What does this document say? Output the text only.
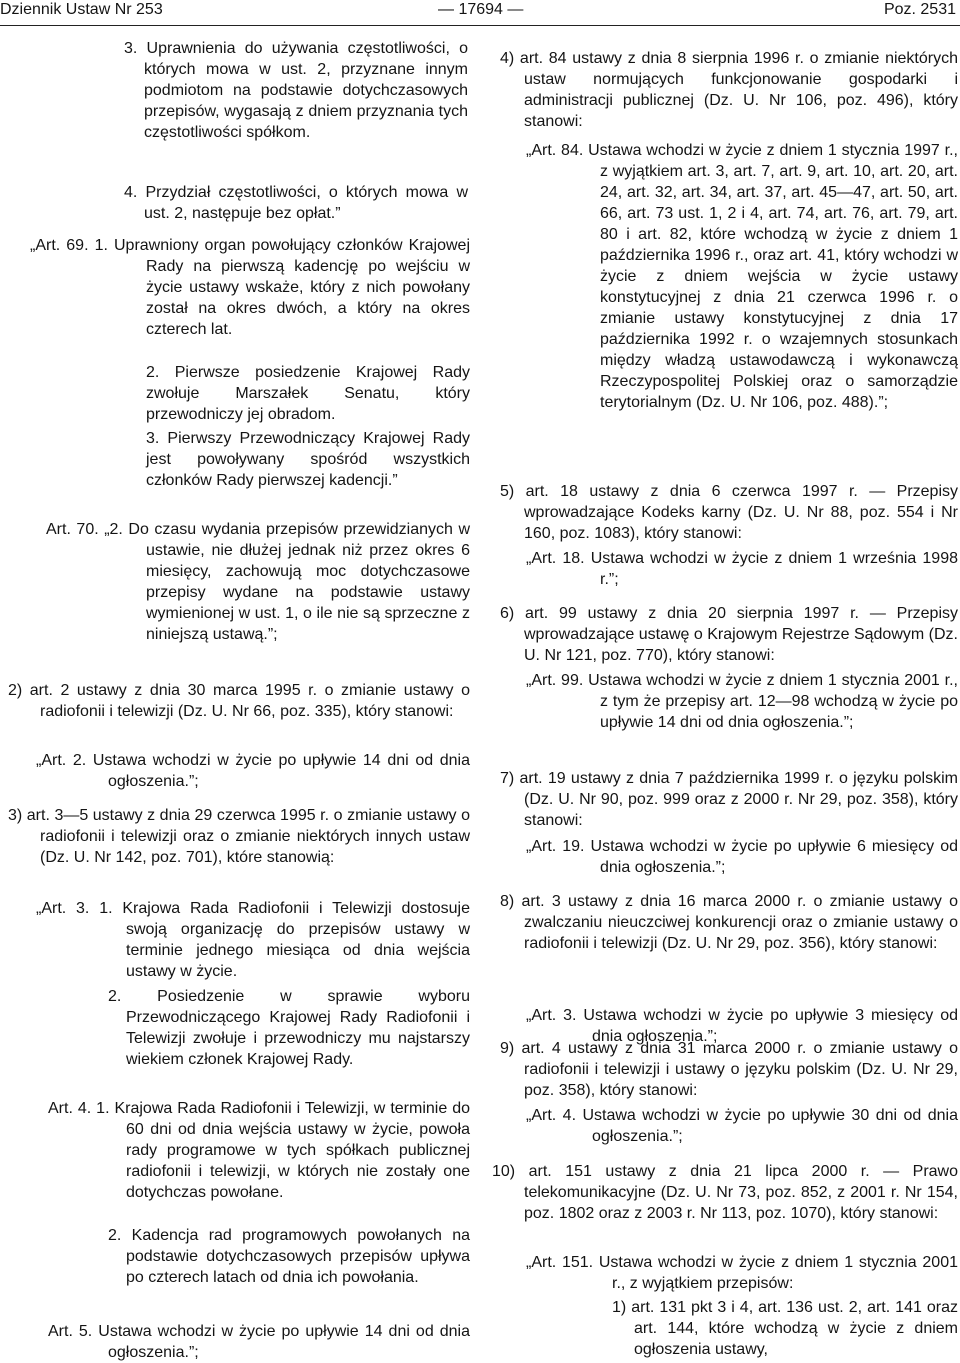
Dziennik Ustaw Nr 253	— 17694 —	Poz. 2531

3. Uprawnienia do używania częstotliwości, o których mowa w ust. 2, przyznane innym podmiotom na podstawie dotychczasowych przepisów, wygasają z dniem przyznania tych częstotliwości spółkom.

4. Przydział częstotliwości, o których mowa w ust. 2, następuje bez opłat.”

„Art. 69. 1. Uprawniony organ powołujący członków Krajowej Rady na pierwszą kadencję po wejściu w życie ustawy wskaże, który z nich powołany został na okres dwóch, a który na okres czterech lat.

2. Pierwsze posiedzenie Krajowej Rady zwołuje Marszałek Senatu, który przewodniczy jej obradom.

3. Pierwszy Przewodniczący Krajowej Rady jest powoływany spośród wszystkich członków Rady pierwszej kadencji.”

Art. 70. „2. Do czasu wydania przepisów przewidzianych w ustawie, nie dłużej jednak niż przez okres 6 miesięcy, zachowują moc dotychczasowe przepisy wydane na podstawie ustawy wymienionej w ust. 1, o ile nie są sprzeczne z niniejszą ustawą.”;

2) art. 2 ustawy z dnia 30 marca 1995 r. o zmianie ustawy o radiofonii i telewizji (Dz. U. Nr 66, poz. 335), który stanowi:

„Art. 2. Ustawa wchodzi w życie po upływie 14 dni od dnia ogłoszenia.”;

3) art. 3—5 ustawy z dnia 29 czerwca 1995 r. o zmianie ustawy o radiofonii i telewizji oraz o zmianie niektórych innych ustaw (Dz. U. Nr 142, poz. 701), które stanowią:

„Art. 3. 1. Krajowa Rada Radiofonii i Telewizji dostosuje swoją organizację do przepisów ustawy w terminie jednego miesiąca od dnia wejścia ustawy w życie.

2. Posiedzenie w sprawie wyboru Przewodniczącego Krajowej Rady Radiofonii i Telewizji zwołuje i przewodniczy mu najstarszy wiekiem członek Krajowej Rady.

Art. 4. 1. Krajowa Rada Radiofonii i Telewizji, w terminie do 60 dni od dnia wejścia ustawy w życie, powoła rady programowe w tych spółkach publicznej radiofonii i telewizji, w których nie zostały one dotychczas powołane.

2. Kadencja rad programowych powołanych na podstawie dotychczasowych przepisów upływa po czterech latach od dnia ich powołania.

Art. 5. Ustawa wchodzi w życie po upływie 14 dni od dnia ogłoszenia.”;

4) art. 84 ustawy z dnia 8 sierpnia 1996 r. o zmianie niektórych ustaw normujących funkcjonowanie gospodarki i administracji publicznej (Dz. U. Nr 106, poz. 496), który stanowi:

„Art. 84. Ustawa wchodzi w życie z dniem 1 stycznia 1997 r., z wyjątkiem art. 3, art. 7, art. 9, art. 10, art. 20, art. 24, art. 32, art. 34, art. 37, art. 45—47, art. 50, art. 66, art. 73 ust. 1, 2 i 4, art. 74, art. 76, art. 79, art. 80 i art. 82, które wchodzą w życie z dniem 1 października 1996 r., oraz art. 41, który wchodzi w życie z dniem wejścia w życie ustawy konstytucyjnej z dnia 21 czerwca 1996 r. o zmianie ustawy konstytucyjnej z dnia 17 października 1992 r. o wzajemnych stosunkach między władzą ustawodawczą i wykonawczą Rzeczypospolitej Polskiej oraz o samorządzie terytorialnym (Dz. U. Nr 106, poz. 488).”;

5) art. 18 ustawy z dnia 6 czerwca 1997 r. — Przepisy wprowadzające Kodeks karny (Dz. U. Nr 88, poz. 554 i Nr 160, poz. 1083), który stanowi:

„Art. 18. Ustawa wchodzi w życie z dniem 1 września 1998 r.”;

6) art. 99 ustawy z dnia 20 sierpnia 1997 r. — Przepisy wprowadzające ustawę o Krajowym Rejestrze Sądowym (Dz. U. Nr 121, poz. 770), który stanowi:

„Art. 99. Ustawa wchodzi w życie z dniem 1 stycznia 2001 r., z tym że przepisy art. 12—98 wchodzą w życie po upływie 14 dni od dnia ogłoszenia.”;

7) art. 19 ustawy z dnia 7 października 1999 r. o języku polskim (Dz. U. Nr 90, poz. 999 oraz z 2000 r. Nr 29, poz. 358), który stanowi:

„Art. 19. Ustawa wchodzi w życie po upływie 6 miesięcy od dnia ogłoszenia.”;

8) art. 3 ustawy z dnia 16 marca 2000 r. o zmianie ustawy o zwalczaniu nieuczciwej konkurencji oraz o zmianie ustawy o radiofonii i telewizji (Dz. U. Nr 29, poz. 356), który stanowi:

„Art. 3. Ustawa wchodzi w życie po upływie 3 miesięcy od dnia ogłoszenia.”;

9) art. 4 ustawy z dnia 31 marca 2000 r. o zmianie ustawy o radiofonii i telewizji i ustawy o języku polskim (Dz. U. Nr 29, poz. 358), który stanowi:

„Art. 4. Ustawa wchodzi w życie po upływie 30 dni od dnia ogłoszenia.”;

10) art. 151 ustawy z dnia 21 lipca 2000 r. — Prawo telekomunikacyjne (Dz. U. Nr 73, poz. 852, z 2001 r. Nr 154, poz. 1802 oraz z 2003 r. Nr 113, poz. 1070), który stanowi:

„Art. 151. Ustawa wchodzi w życie z dniem 1 stycznia 2001 r., z wyjątkiem przepisów:

1) art. 131 pkt 3 i 4, art. 136 ust. 2, art. 141 oraz art. 144, które wchodzą w życie z dniem ogłoszenia ustawy,
